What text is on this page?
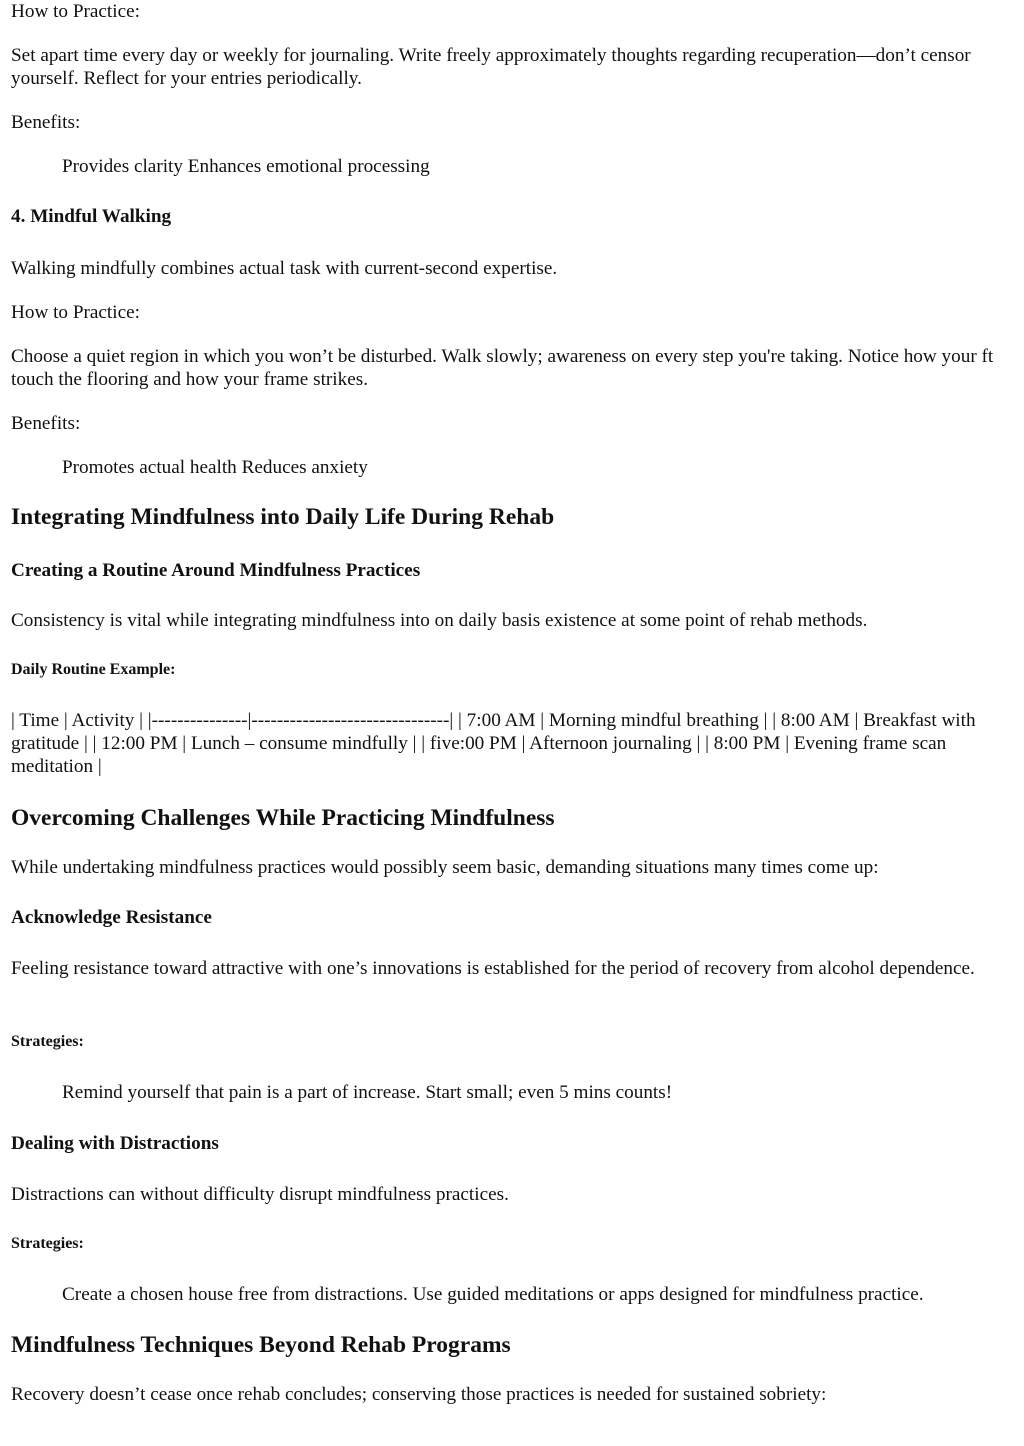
How to Practice:

Set apart time every day or weekly for journaling. Write freely approximately thoughts regarding recuperation—don’t censor yourself. Reflect for your entries periodically.

Benefits:

Provides clarity Enhances emotional processing

4. Mindful Walking

Walking mindfully combines actual task with current-second expertise.

How to Practice:

Choose a quiet region in which you won’t be disturbed. Walk slowly; awareness on every step you're taking. Notice how your ft touch the flooring and how your frame strikes.

Benefits:

Promotes actual health Reduces anxiety

Integrating Mindfulness into Daily Life During Rehab
Creating a Routine Around Mindfulness Practices

Consistency is vital while integrating mindfulness into on daily basis existence at some point of rehab methods.

Daily Routine Example:

| Time | Activity | |---------------|-------------------------------| | 7:00 AM | Morning mindful breathing | | 8:00 AM | Breakfast with gratitude | | 12:00 PM | Lunch – consume mindfully | | five:00 PM | Afternoon journaling | | 8:00 PM | Evening frame scan meditation |

Overcoming Challenges While Practicing Mindfulness

While undertaking mindfulness practices would possibly seem basic, demanding situations many times come up:

Acknowledge Resistance

Feeling resistance toward attractive with one’s innovations is established for the period of recovery from alcohol dependence.

Strategies:

Remind yourself that pain is a part of increase. Start small; even 5 mins counts!

Dealing with Distractions

Distractions can without difficulty disrupt mindfulness practices.

Strategies:

Create a chosen house free from distractions. Use guided meditations or apps designed for mindfulness practice.

Mindfulness Techniques Beyond Rehab Programs

Recovery doesn’t cease once rehab concludes; conserving those practices is needed for sustained sobriety:
